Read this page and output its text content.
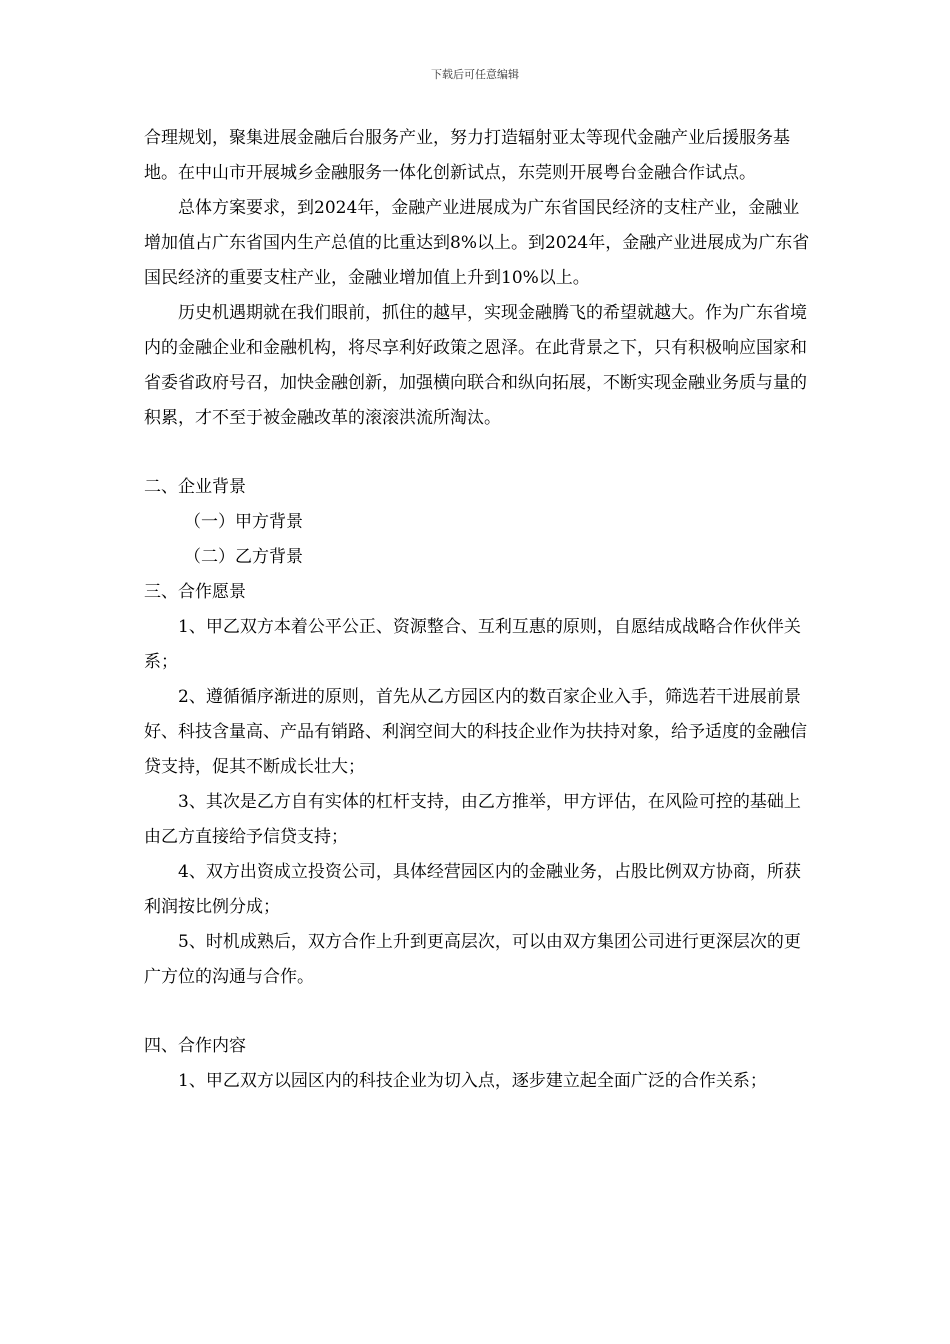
下载后可任意编辑

合理规划，聚集进展金融后台服务产业，努力打造辐射亚太等现代金融产业后援服务基地。在中山市开展城乡金融服务一体化创新试点，东莞则开展粤台金融合作试点。

总体方案要求，到2024年，金融产业进展成为广东省国民经济的支柱产业，金融业增加值占广东省国内生产总值的比重达到8%以上。到2024年，金融产业进展成为广东省国民经济的重要支柱产业，金融业增加值上升到10%以上。

历史机遇期就在我们眼前，抓住的越早，实现金融腾飞的希望就越大。作为广东省境内的金融企业和金融机构，将尽享利好政策之恩泽。在此背景之下，只有积极响应国家和省委省政府号召，加快金融创新，加强横向联合和纵向拓展，不断实现金融业务质与量的积累，才不至于被金融改革的滚滚洪流所淘汰。

二、企业背景

（一）甲方背景

（二）乙方背景

三、合作愿景

1、甲乙双方本着公平公正、资源整合、互利互惠的原则，自愿结成战略合作伙伴关系；

2、遵循循序渐进的原则，首先从乙方园区内的数百家企业入手，筛选若干进展前景好、科技含量高、产品有销路、利润空间大的科技企业作为扶持对象，给予适度的金融信贷支持，促其不断成长壮大；

3、其次是乙方自有实体的杠杆支持，由乙方推举，甲方评估，在风险可控的基础上由乙方直接给予信贷支持；

4、双方出资成立投资公司，具体经营园区内的金融业务，占股比例双方协商，所获利润按比例分成；

5、时机成熟后，双方合作上升到更高层次，可以由双方集团公司进行更深层次的更广方位的沟通与合作。

四、合作内容

1、甲乙双方以园区内的科技企业为切入点，逐步建立起全面广泛的合作关系；
